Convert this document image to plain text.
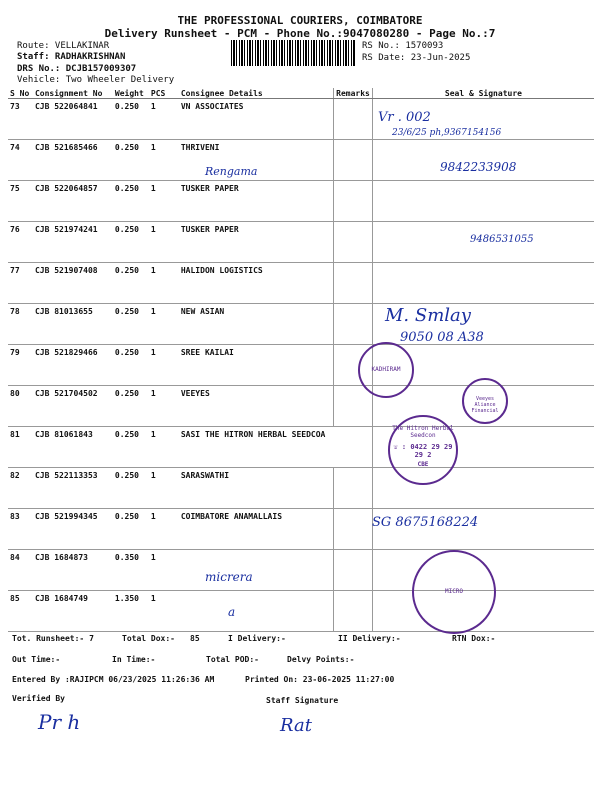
THE PROFESSIONAL COURIERS, COIMBATORE
Delivery Runsheet - PCM - Phone No.:9047080280 - Page No.:7
Route: VELLAKINAR
Staff: RADHAKRISHNAN
DRS No.: DCJB157009307
Vehicle: Two Wheeler Delivery
RS No.: 1570093
RS Date: 23-Jun-2025
S No	Consignment No	Weight	PCS	Consignee Details	Remarks	Seal & Signature
73	CJB 522064841	0.250	1	VN ASSOCIATES		
74	CJB 521685466	0.250	1	THRIVENI		
75	CJB 522064857	0.250	1	TUSKER PAPER		
76	CJB 521974241	0.250	1	TUSKER PAPER		
77	CJB 521907408	0.250	1	HALIDON LOGISTICS		
78	CJB 81013655	0.250	1	NEW ASIAN		
79	CJB 521829466	0.250	1	SREE KAILAI		
80	CJB 521704502	0.250	1	VEEYES		
81	CJB 81061843	0.250	1	SASI THE HITRON HERBAL SEEDCOA		
82	CJB 522113353	0.250	1	SARASWATHI		
83	CJB 521994345	0.250	1	COIMBATORE ANAMALLAIS		
84	CJB 1684873	0.350	1			
85	CJB 1684749	1.350	1			
Vr . 002
23/6/25 ph,9367154156
Rengama	9842233908
9486531055
M. Smlay
9050 08 A38
SG 8675168224
micrera
a
KADHIRAM
Veeyes Aliance Financial
The Hitron Herbal Seedcon
☏ : 0422 29 29 29 2
CBE
MICRO
Tot. Runsheet:- 7	Total Dox:- 85	I Delivery:-	II Delivery:-	RTN Dox:-
Out Time:-	In Time:-	Total POD:-	Delvy Points:-
Entered By :RAJIPCM 06/23/2025 11:26:36 AM	Printed On: 23-06-2025 11:27:00
Verified By	Staff Signature
Pr h	Rat
